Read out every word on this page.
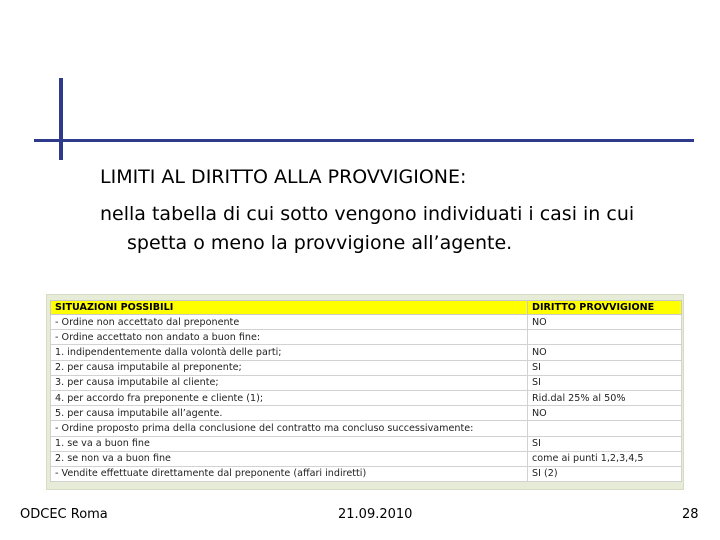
LIMITI AL DIRITTO ALLA PROVVIGIONE:
nella tabella di cui sotto vengono individuati i casi in cui
spetta o meno la provvigione all’agente.
SITUAZIONI POSSIBILI	DIRITTO PROVVIGIONE
- Ordine non accettato dal preponente	NO
- Ordine accettato non andato a buon fine:	
1. indipendentemente dalla volontà delle parti;	NO
2. per causa imputabile al preponente;	SI
3. per causa imputabile al cliente;	SI
4. per accordo fra preponente e cliente (1);	Rid.dal 25% al 50%
5. per causa imputabile all’agente.	NO
- Ordine proposto prima della conclusione del contratto ma concluso successivamente:	
1. se va a buon fine	SI
2. se non va a buon fine	come ai punti 1,2,3,4,5
- Vendite effettuate direttamente dal preponente (affari indiretti)	SI (2)
ODCEC Roma	21.09.2010	28
